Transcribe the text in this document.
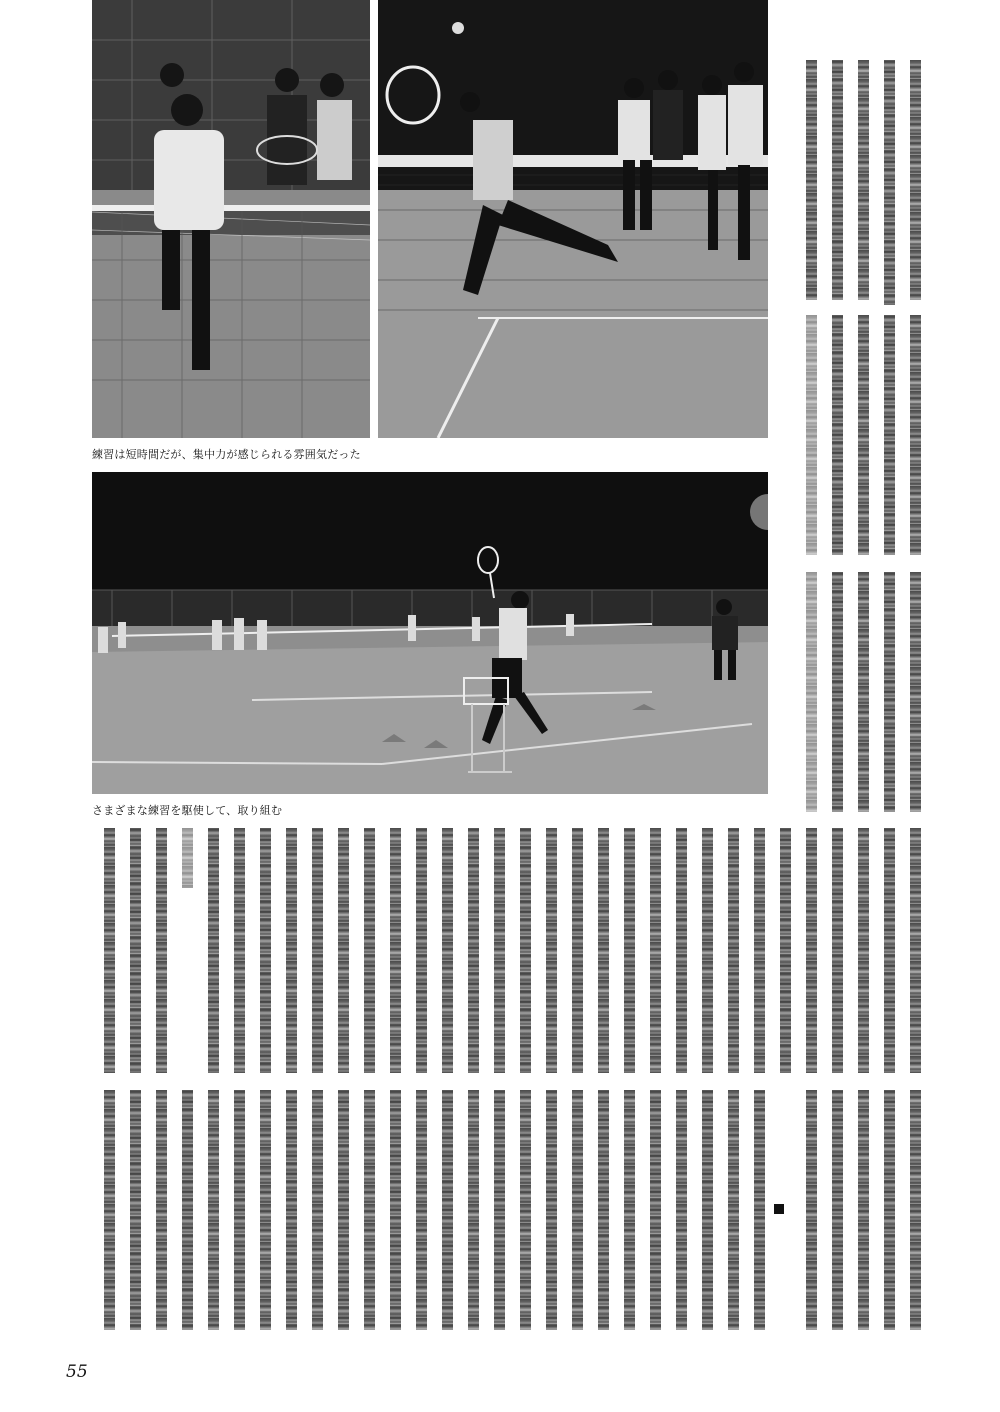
練習は短時間だが、集中力が感じられる雰囲気だった
さまざまな練習を駆使して、取り組む
55
